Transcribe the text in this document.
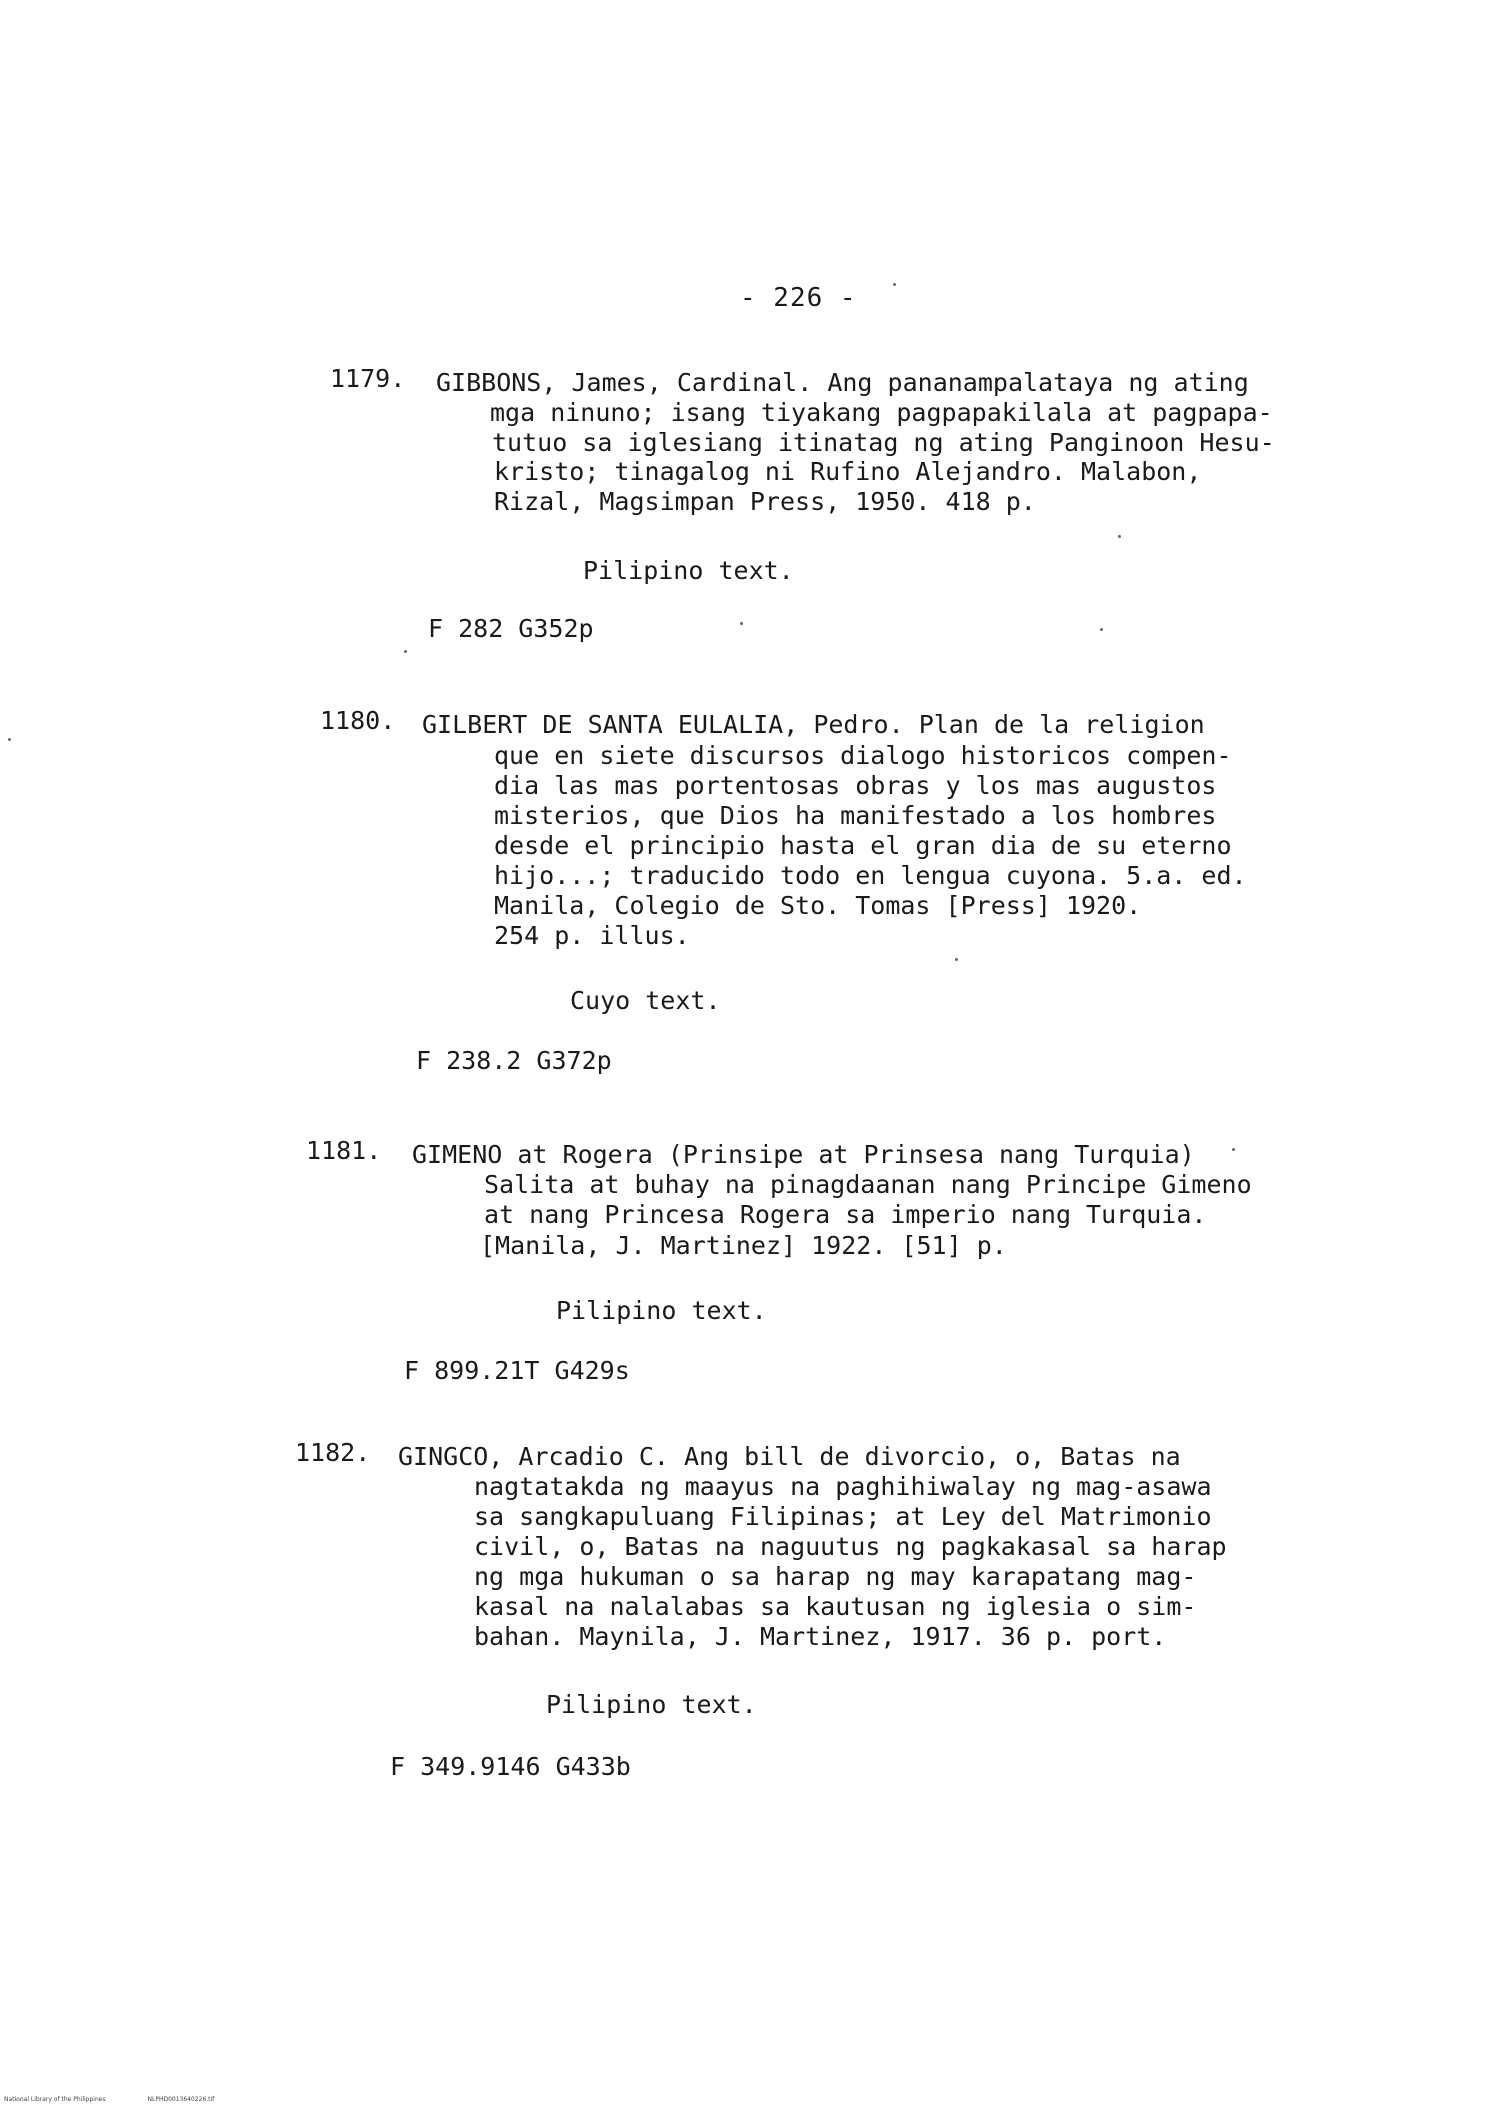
- 226 -
1179. GIBBONS, James, Cardinal. Ang pananampalataya ng ating
mga ninuno; isang tiyakang pagpapakilala at pagpapa-
tutuo sa iglesiang itinatag ng ating Panginoon Hesu-
kristo; tinagalog ni Rufino Alejandro. Malabon,
Rizal, Magsimpan Press, 1950. 418 p.
Pilipino text.
F 282 G352p
1180. GILBERT DE SANTA EULALIA, Pedro. Plan de la religion
que en siete discursos dialogo historicos compen-
dia las mas portentosas obras y los mas augustos
misterios, que Dios ha manifestado a los hombres
desde el principio hasta el gran dia de su eterno
hijo...; traducido todo en lengua cuyona. 5.a. ed.
Manila, Colegio de Sto. Tomas [Press] 1920.
254 p. illus.
Cuyo text.
F 238.2 G372p
1181. GIMENO at Rogera (Prinsipe at Prinsesa nang Turquia)
Salita at buhay na pinagdaanan nang Principe Gimeno
at nang Princesa Rogera sa imperio nang Turquia.
[Manila, J. Martinez] 1922. [51] p.
Pilipino text.
F 899.21T G429s
1182. GINGCO, Arcadio C. Ang bill de divorcio, o, Batas na
nagtatakda ng maayus na paghihiwalay ng mag-asawa
sa sangkapuluang Filipinas; at Ley del Matrimonio
civil, o, Batas na naguutus ng pagkakasal sa harap
ng mga hukuman o sa harap ng may karapatang mag-
kasal na nalalabas sa kautusan ng iglesia o sim-
bahan. Maynila, J. Martinez, 1917. 36 p. port.
Pilipino text.
F 349.9146 G433b
National Library of the Philippines	NLPHD0013640226.tif
